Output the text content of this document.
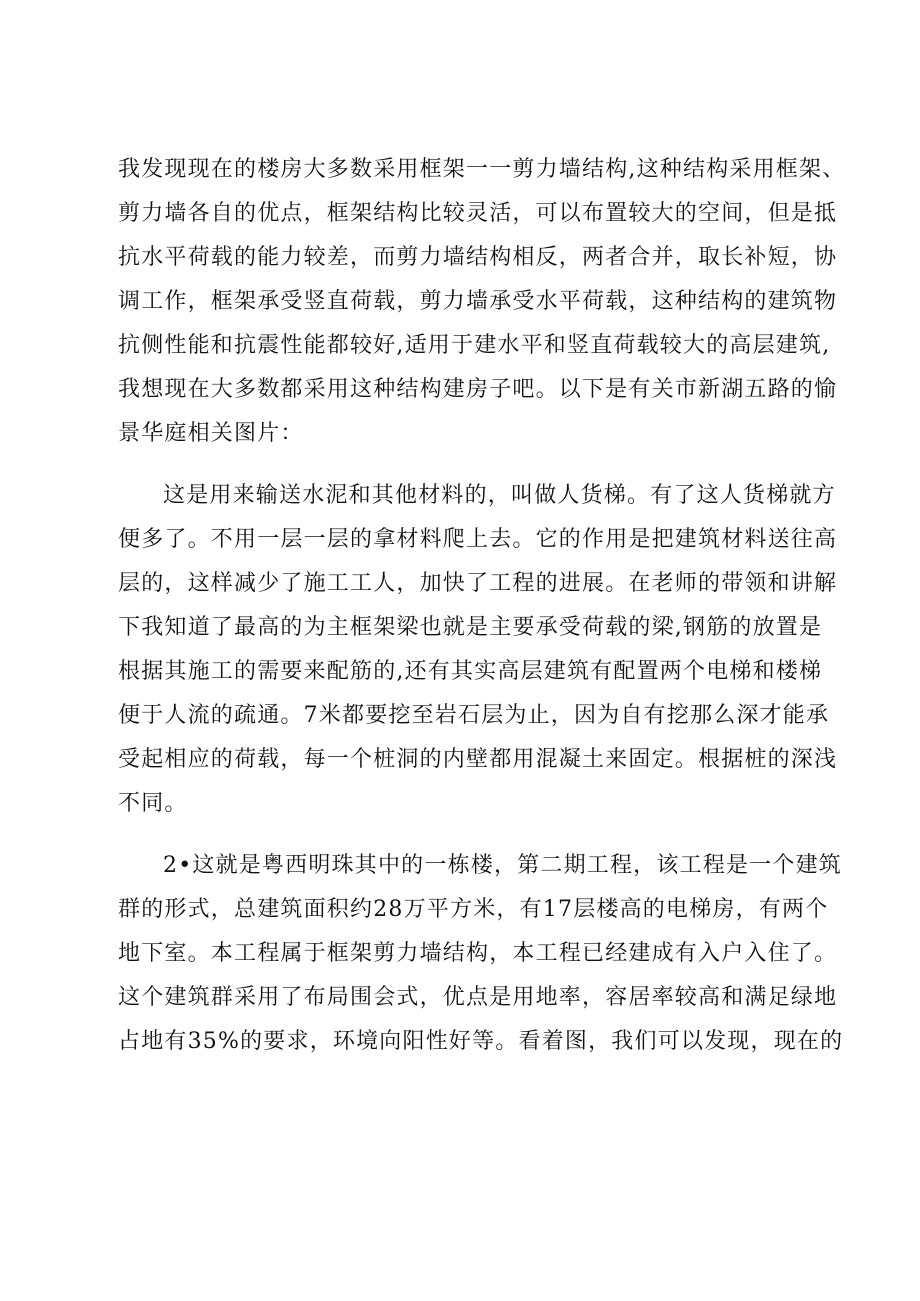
我发现现在的楼房大多数采用框架一一剪力墙结构,这种结构采用框架、
剪力墙各自的优点，框架结构比较灵活，可以布置较大的空间，但是抵
抗水平荷载的能力较差，而剪力墙结构相反，两者合并，取长补短，协
调工作，框架承受竖直荷载，剪力墙承受水平荷载，这种结构的建筑物
抗侧性能和抗震性能都较好,适用于建水平和竖直荷载较大的高层建筑,
我想现在大多数都采用这种结构建房子吧。以下是有关市新湖五路的愉
景华庭相关图片：
这是用来输送水泥和其他材料的，叫做人货梯。有了这人货梯就方
便多了。不用一层一层的拿材料爬上去。它的作用是把建筑材料送往高
层的，这样减少了施工工人，加快了工程的进展。在老师的带领和讲解
下我知道了最高的为主框架梁也就是主要承受荷载的梁,钢筋的放置是
根据其施工的需要来配筋的,还有其实高层建筑有配置两个电梯和楼梯
便于人流的疏通。7米都要挖至岩石层为止，因为自有挖那么深才能承
受起相应的荷载，每一个桩洞的内壁都用混凝土来固定。根据桩的深浅
不同。
2•这就是粤西明珠其中的一栋楼，第二期工程，该工程是一个建筑
群的形式，总建筑面积约28万平方米，有17层楼高的电梯房，有两个
地下室。本工程属于框架剪力墙结构，本工程已经建成有入户入住了。
这个建筑群采用了布局围会式，优点是用地率，容居率较高和满足绿地
占地有35%的要求，环境向阳性好等。看着图，我们可以发现，现在的
